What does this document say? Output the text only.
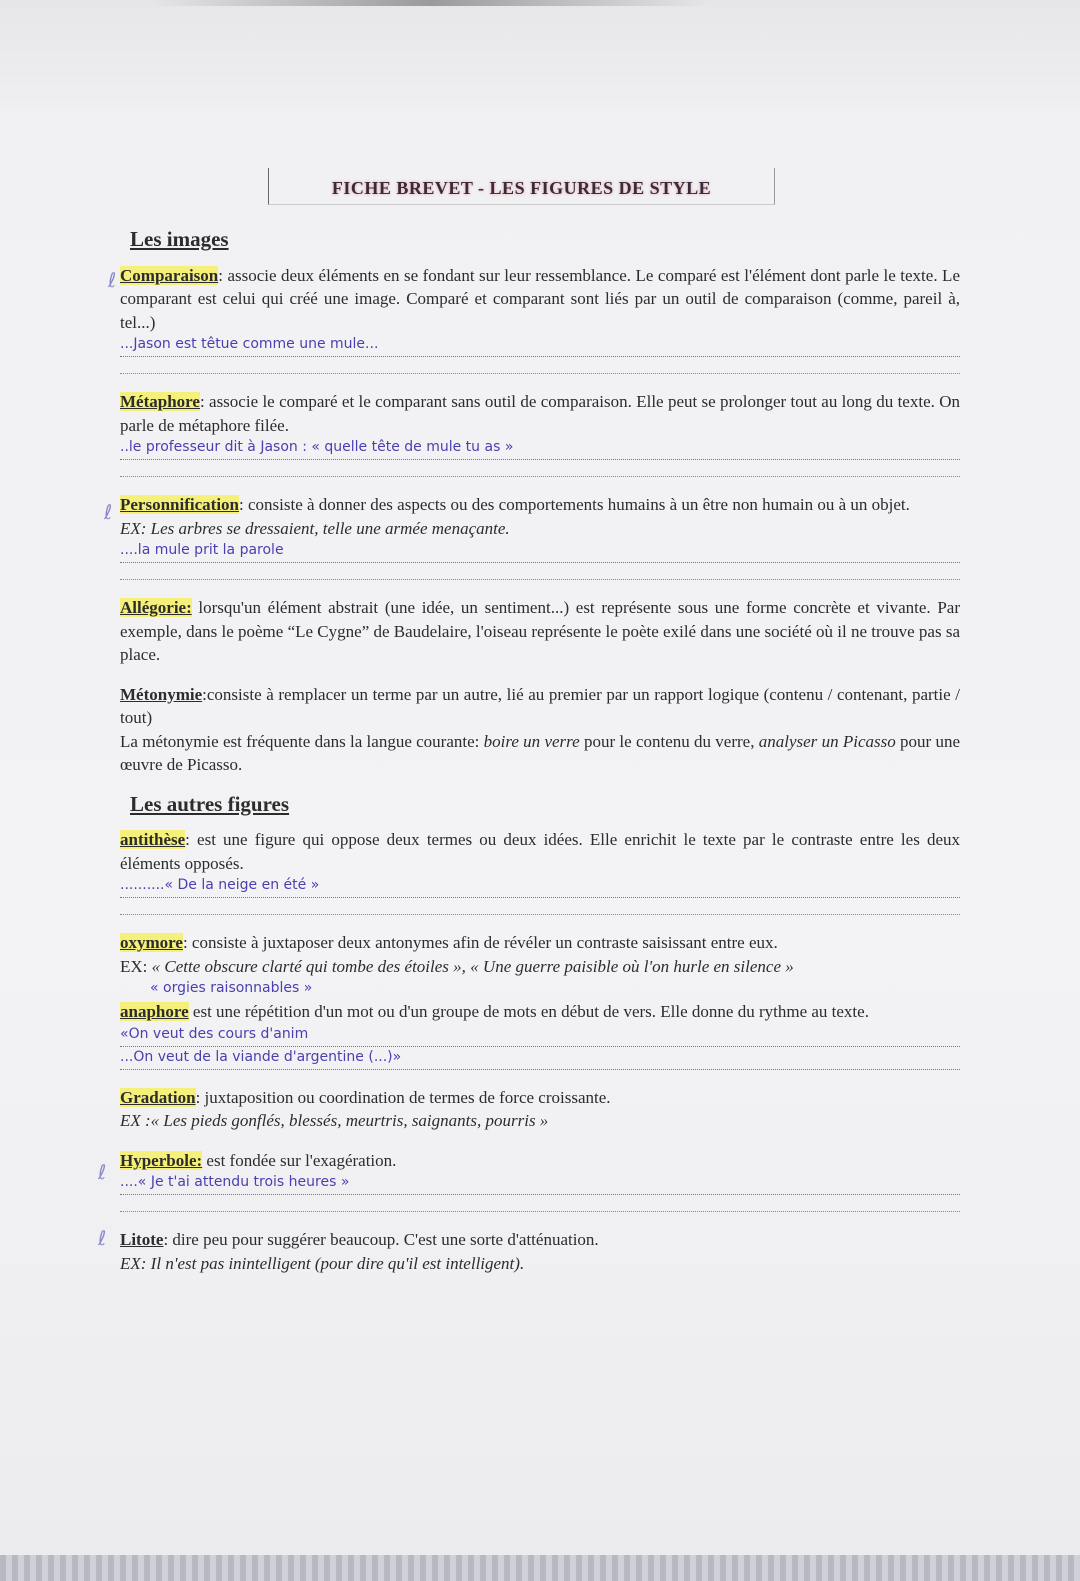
FICHE BREVET - LES FIGURES DE STYLE
ℓ
ℓ
ℓ
ℓ
Les images
Comparaison: associe deux éléments en se fondant sur leur ressemblance. Le comparé est l'élément dont parle le texte. Le comparant est celui qui créé une image. Comparé et comparant sont liés par un outil de comparaison (comme, pareil à, tel...)
...Jason est têtue comme une mule...
Métaphore: associe le comparé et le comparant sans outil de comparaison. Elle peut se prolonger tout au long du texte. On parle de métaphore filée.
..le professeur dit à Jason : « quelle tête de mule tu as »
Personnification: consiste à donner des aspects ou des comportements humains à un être non humain ou à un objet.
EX: Les arbres se dressaient, telle une armée menaçante.
....la mule prit la parole
Allégorie: lorsqu'un élément abstrait (une idée, un sentiment...) est représente sous une forme concrète et vivante. Par exemple, dans le poème “Le Cygne” de Baudelaire, l'oiseau représente le poète exilé dans une société où il ne trouve pas sa place.
Métonymie:consiste à remplacer un terme par un autre, lié au premier par un rapport logique (contenu / contenant, partie / tout)
La métonymie est fréquente dans la langue courante: boire un verre pour le contenu du verre, analyser un Picasso pour une œuvre de Picasso.
Les autres figures
antithèse: est une figure qui oppose deux termes ou deux idées. Elle enrichit le texte par le contraste entre les deux éléments opposés.
..........« De la neige en été »
oxymore: consiste à juxtaposer deux antonymes afin de révéler un contraste saisissant entre eux.
EX: « Cette obscure clarté qui tombe des étoiles », « Une guerre paisible où l'on hurle en silence »
« orgies raisonnables »
anaphore est une répétition d'un mot ou d'un groupe de mots en début de vers. Elle donne du rythme au texte.
«On veut des cours d'anim
...On veut de la viande d'argentine (...)»
Gradation: juxtaposition ou coordination de termes de force croissante.
EX :« Les pieds gonflés, blessés, meurtris, saignants, pourris »
Hyperbole: est fondée sur l'exagération.
....« Je t'ai attendu trois heures »
Litote: dire peu pour suggérer beaucoup. C'est une sorte d'atténuation.
EX: Il n'est pas inintelligent (pour dire qu'il est intelligent).
